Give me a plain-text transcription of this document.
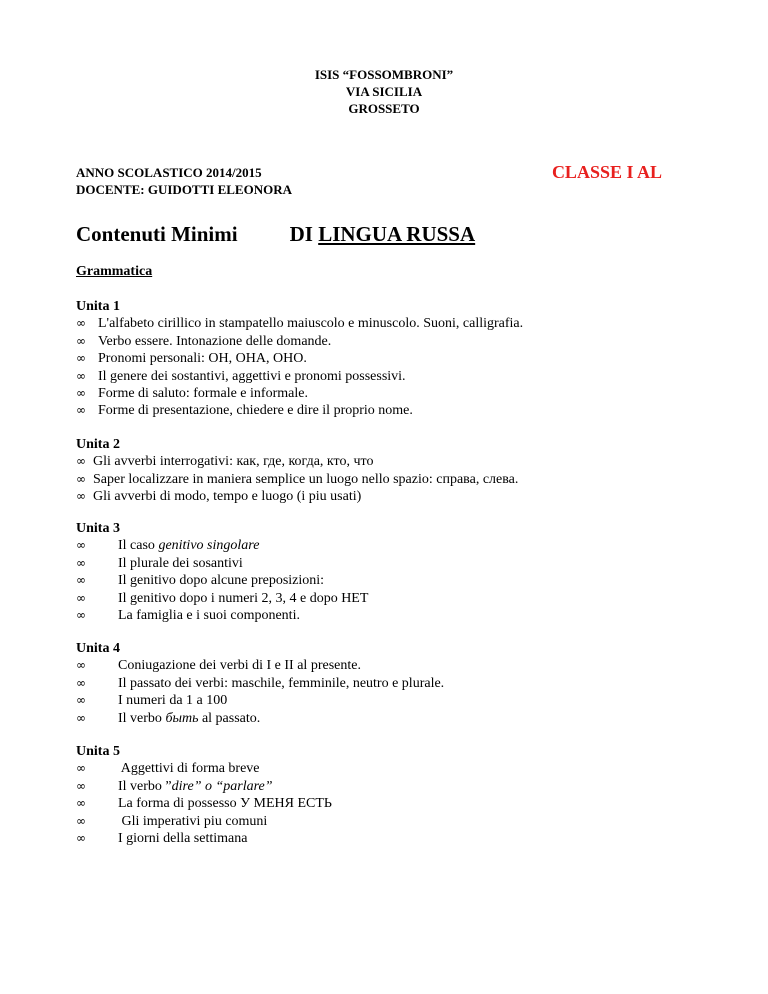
ISIS “FOSSOMBRONI”
VIA SICILIA
GROSSETO
ANNO SCOLASTICO 2014/2015
DOCENTE: GUIDOTTI ELEONORA
CLASSE I AL
Contenuti Minimi DI LINGUA RUSSA
Grammatica
Unita 1
∞ L'alfabeto cirillico in stampatello maiuscolo e minuscolo. Suoni, calligrafia.
∞ Verbo essere. Intonazione delle domande.
∞ Pronomi personali: OH, OHA, OHO.
∞ Il genere dei sostantivi, aggettivi e pronomi possessivi.
∞ Forme di saluto: formale e informale.
∞ Forme di presentazione, chiedere e dire il proprio nome.
Unita 2
∞ Gli avverbi interrogativi: как, где, когда, кто, что
∞ Saper localizzare in maniera semplice un luogo nello spazio: справа, слева.
∞ Gli avverbi di modo, tempo e luogo (i piu usati)
Unita 3
∞ Il caso genitivo singolare
∞ Il plurale dei sosantivi
∞ Il genitivo dopo alcune preposizioni:
∞ Il genitivo dopo i numeri 2, 3, 4 e dopo HET
∞ La famiglia e i suoi componenti.
Unita 4
∞ Coniugazione dei verbi di I e II al presente.
∞ Il passato dei verbi: maschile, femminile, neutro e plurale.
∞ I numeri da 1 a 100
∞ Il verbo быть al passato.
Unita 5
∞ Aggettivi di forma breve
∞ Il verbo ”dire” o “parlare”
∞ La forma di possesso У МЕНЯ ЕСТЬ
∞ Gli imperativi piu comuni
∞ I giorni della settimana
